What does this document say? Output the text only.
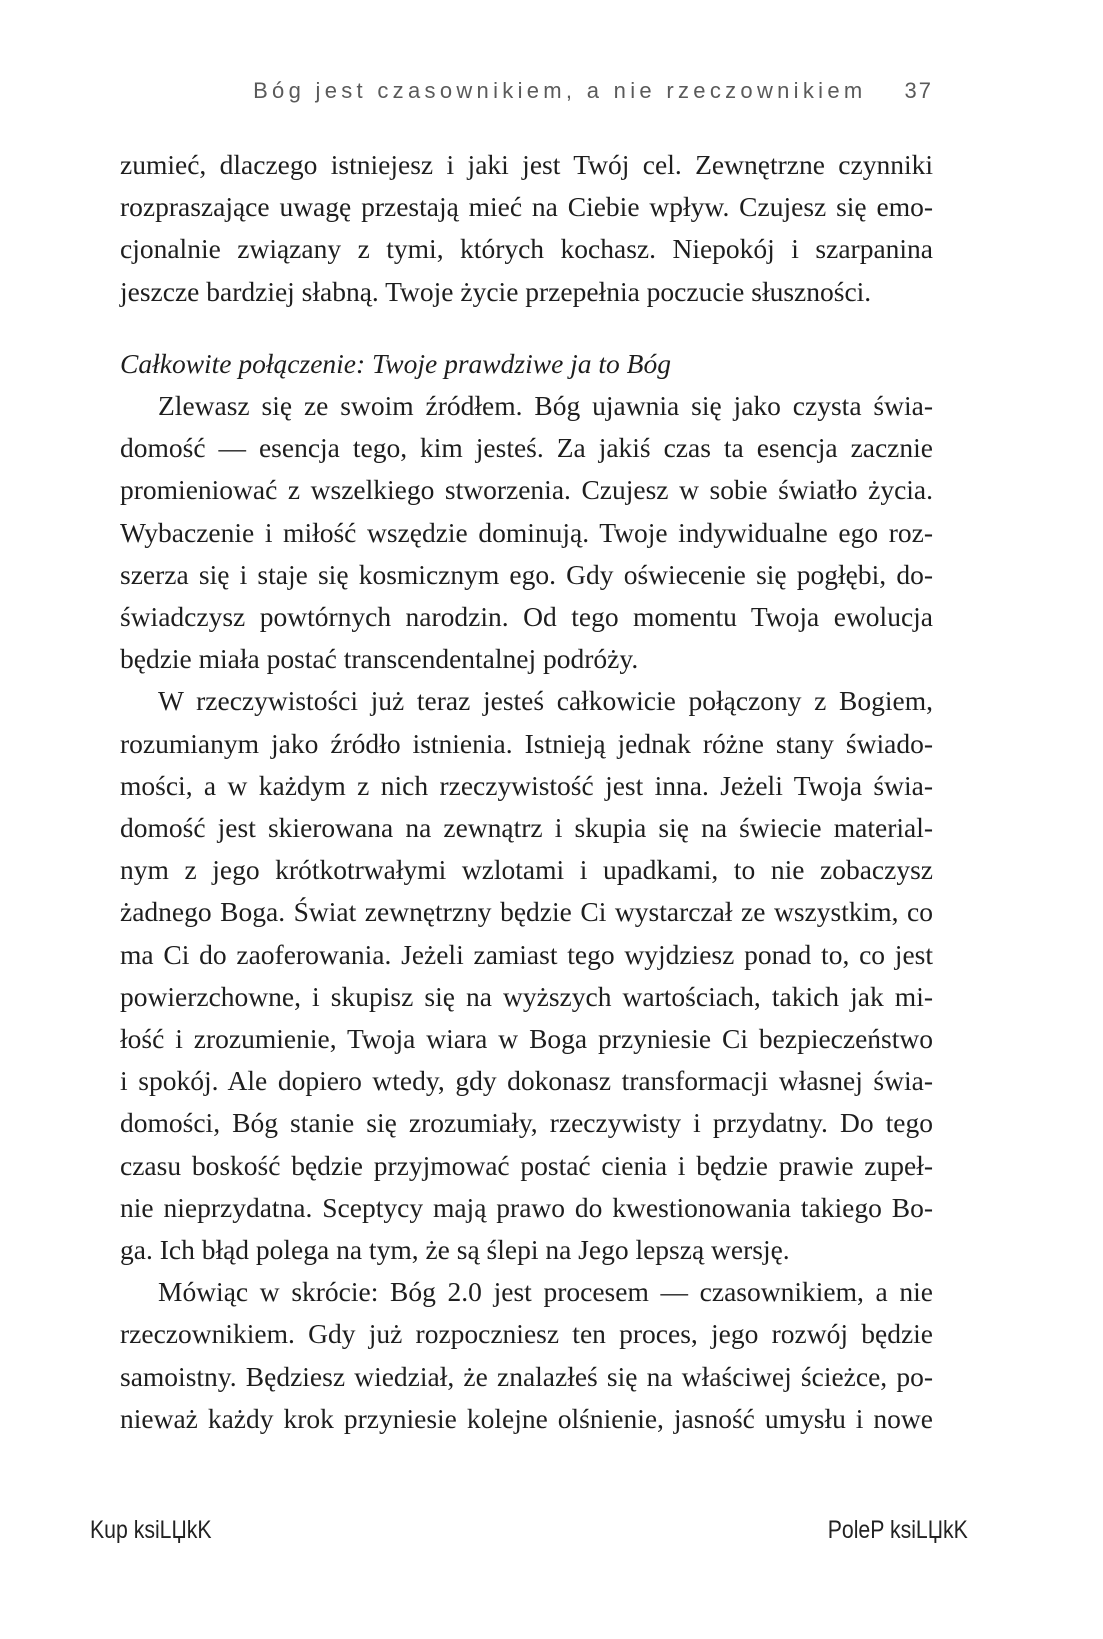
Bóg jest czasownikiem, a nie rzeczownikiem 37

zumieć, dlaczego istniejesz i jaki jest Twój cel. Zewnętrzne czynniki
rozpraszające uwagę przestają mieć na Ciebie wpływ. Czujesz się emo-
cjonalnie związany z tymi, których kochasz. Niepokój i szarpanina
jeszcze bardziej słabną. Twoje życie przepełnia poczucie słuszności.

Całkowite połączenie: Twoje prawdziwe ja to Bóg

Zlewasz się ze swoim źródłem. Bóg ujawnia się jako czysta świa-
domość — esencja tego, kim jesteś. Za jakiś czas ta esencja zacznie
promieniować z wszelkiego stworzenia. Czujesz w sobie światło życia.
Wybaczenie i miłość wszędzie dominują. Twoje indywidualne ego roz-
szerza się i staje się kosmicznym ego. Gdy oświecenie się pogłębi, do-
świadczysz powtórnych narodzin. Od tego momentu Twoja ewolucja
będzie miała postać transcendentalnej podróży.

W rzeczywistości już teraz jesteś całkowicie połączony z Bogiem,
rozumianym jako źródło istnienia. Istnieją jednak różne stany świado-
mości, a w każdym z nich rzeczywistość jest inna. Jeżeli Twoja świa-
domość jest skierowana na zewnątrz i skupia się na świecie material-
nym z jego krótkotrwałymi wzlotami i upadkami, to nie zobaczysz
żadnego Boga. Świat zewnętrzny będzie Ci wystarczał ze wszystkim, co
ma Ci do zaoferowania. Jeżeli zamiast tego wyjdziesz ponad to, co jest
powierzchowne, i skupisz się na wyższych wartościach, takich jak mi-
łość i zrozumienie, Twoja wiara w Boga przyniesie Ci bezpieczeństwo
i spokój. Ale dopiero wtedy, gdy dokonasz transformacji własnej świa-
domości, Bóg stanie się zrozumiały, rzeczywisty i przydatny. Do tego
czasu boskość będzie przyjmować postać cienia i będzie prawie zupeł-
nie nieprzydatna. Sceptycy mają prawo do kwestionowania takiego Bo-
ga. Ich błąd polega na tym, że są ślepi na Jego lepszą wersję.

Mówiąc w skrócie: Bóg 2.0 jest procesem — czasownikiem, a nie
rzeczownikiem. Gdy już rozpoczniesz ten proces, jego rozwój będzie
samoistny. Będziesz wiedział, że znalazłeś się na właściwej ścieżce, po-
nieważ każdy krok przyniesie kolejne olśnienie, jasność umysłu i nowe

Kup ksiLЏkK	PoleP ksiLЏkK
